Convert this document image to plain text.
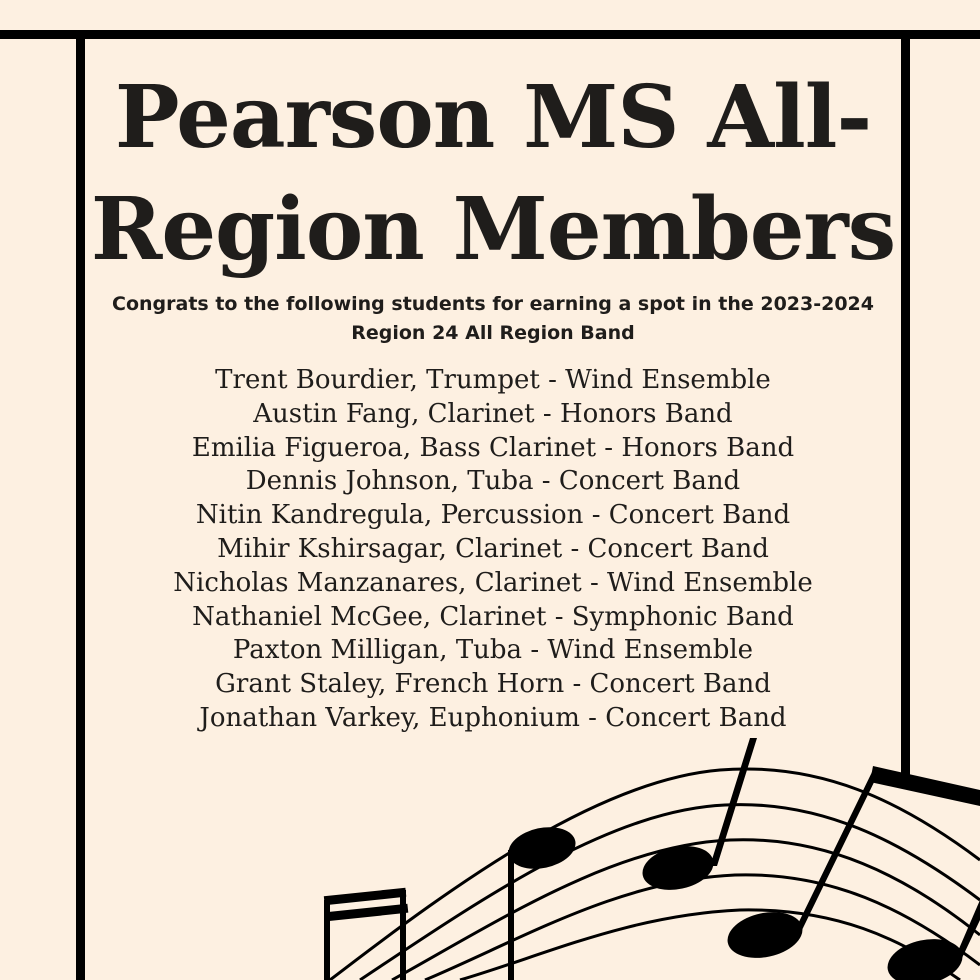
Pearson MS All-Region Members

Congrats to the following students for earning a spot in the 2023-2024 Region 24 All Region Band

Trent Bourdier, Trumpet - Wind Ensemble
Austin Fang, Clarinet - Honors Band
Emilia Figueroa, Bass Clarinet - Honors Band
Dennis Johnson, Tuba - Concert Band
Nitin Kandregula, Percussion - Concert Band
Mihir Kshirsagar, Clarinet - Concert Band
Nicholas Manzanares, Clarinet - Wind Ensemble
Nathaniel McGee, Clarinet - Symphonic Band
Paxton Milligan, Tuba - Wind Ensemble
Grant Staley, French Horn - Concert Band
Jonathan Varkey, Euphonium - Concert Band
